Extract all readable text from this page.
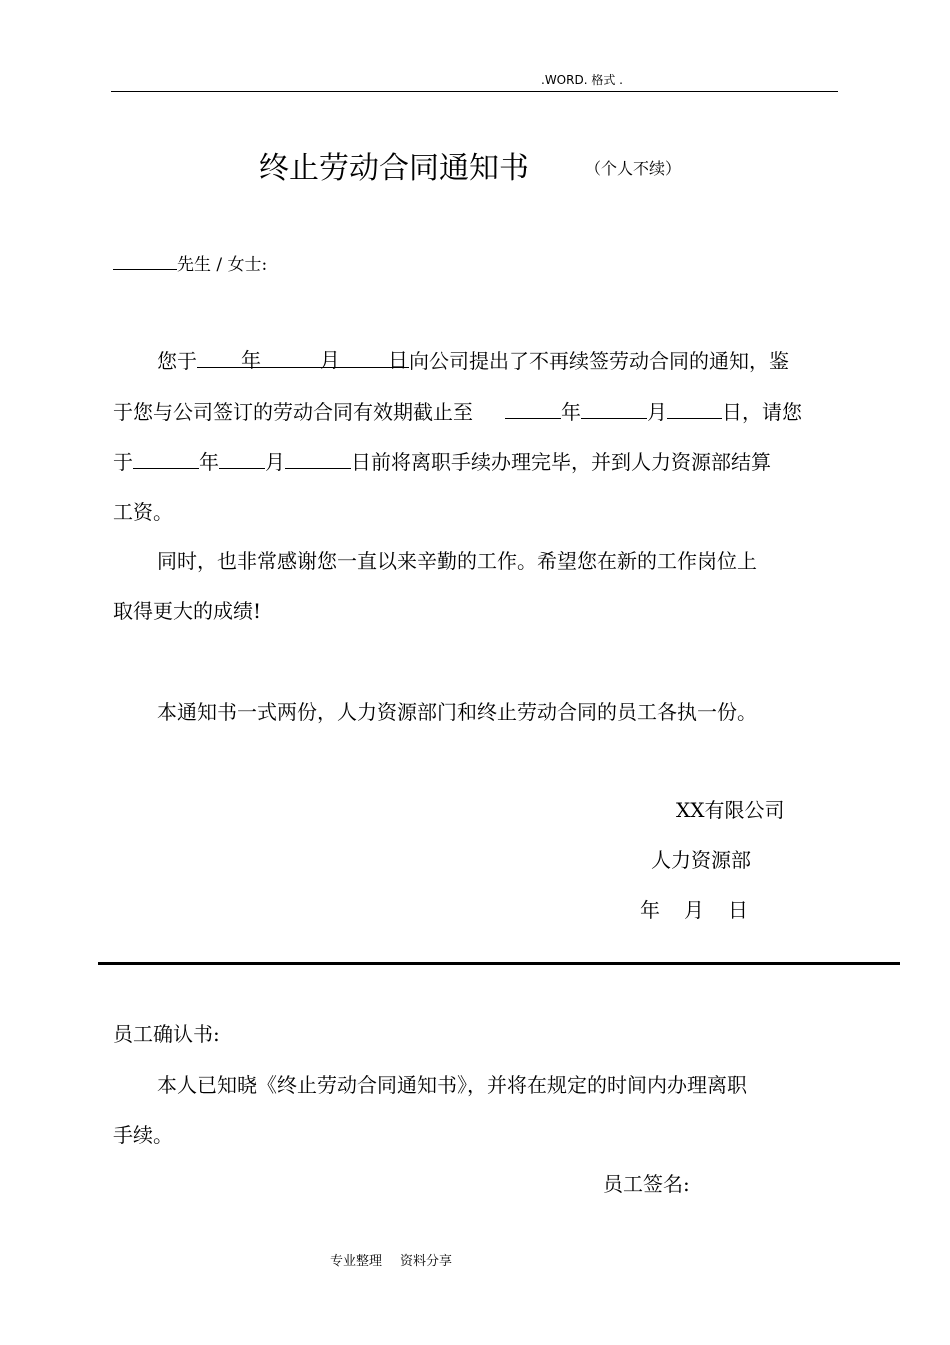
.WORD. 格式 .
终止劳动合同通知书	（个人不续）
先生 / 女士:
您于 年	月 日 向公司提出了不再续签劳动合同的通知，鉴
于您与公司签订的劳动合同有效期截止至	年	月	日，请您
于	年 月	日前将离职手续办理完毕，并到人力资源部结算
工资。
同时，也非常感谢您一直以来辛勤的工作。希望您在新的工作岗位上
取得更大的成绩!
本通知书一式两份，人力资源部门和终止劳动合同的员工各执一份。
XX有限公司
人力资源部
年 月 日
员工确认书:
本人已知晓《终止劳动合同通知书》，并将在规定的时间内办理离职
手续。
员工签名:
专业整理 资料分享
